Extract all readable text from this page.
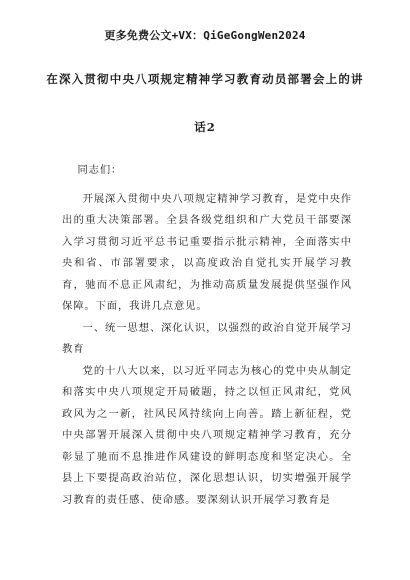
更多免费公文+VX：QiGeGongWen2024
在深入贯彻中央八项规定精神学习教育动员部署会上的讲
话2

同志们：

开展深入贯彻中央八项规定精神学习教育，是党中央作出的重大决策部署。全县各级党组织和广大党员干部要深入学习贯彻习近平总书记重要指示批示精神，全面落实中央和省、市部署要求，以高度政治自觉扎实开展学习教育，驰而不息正风肃纪，为推动高质量发展提供坚强作风保障。下面，我讲几点意见。

一、统一思想、深化认识，以强烈的政治自觉开展学习教育

党的十八大以来，以习近平同志为核心的党中央从制定和落实中央八项规定开局破题，持之以恒正风肃纪，党风政风为之一新，社风民风持续向上向善。踏上新征程，党中央部署开展深入贯彻中央八项规定精神学习教育，充分彰显了驰而不息推进作风建设的鲜明态度和坚定决心。全县上下要提高政治站位，深化思想认识，切实增强开展学习教育的责任感、使命感。要深刻认识开展学习教育是
